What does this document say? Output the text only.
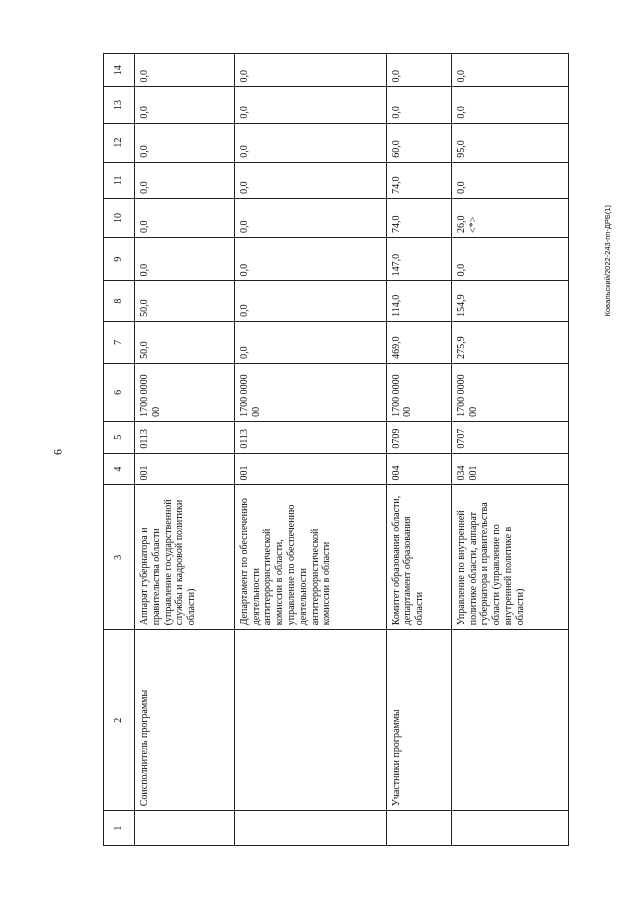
6
Ковальский/2022-243-пп-ДРБ(1)
1	2	3	4	5	6	7	8	9	10	11	12	13	14
	Соисполнитель программы	Аппарат губернатора и правительства области (управление государственной службы и кадровой политики области)	001	0113	1700 0000 00	50,0	50,0	0,0	0,0	0,0	0,0	0,0	0,0
		Департамент по обеспечению деятельности антитеррористической комиссии в области, управление по обеспечению деятельности антитеррористической комиссии в области	001	0113	1700 0000 00	0,0	0,0	0,0	0,0	0,0	0,0	0,0	0,0
	Участники программы	Комитет образования области, департамент образования области	004	0709	1700 0000 00	469,0	114,0	147,0	74,0	74,0	60,0	0,0	0,0
		Управление по внутренней политике области, аппарат губернатора и правительства области (управление по внутренней политике в области)	034 001	0707	1700 0000 00	275,9	154,9	0,0	26,0 <*>	0,0	95,0	0,0	0,0
